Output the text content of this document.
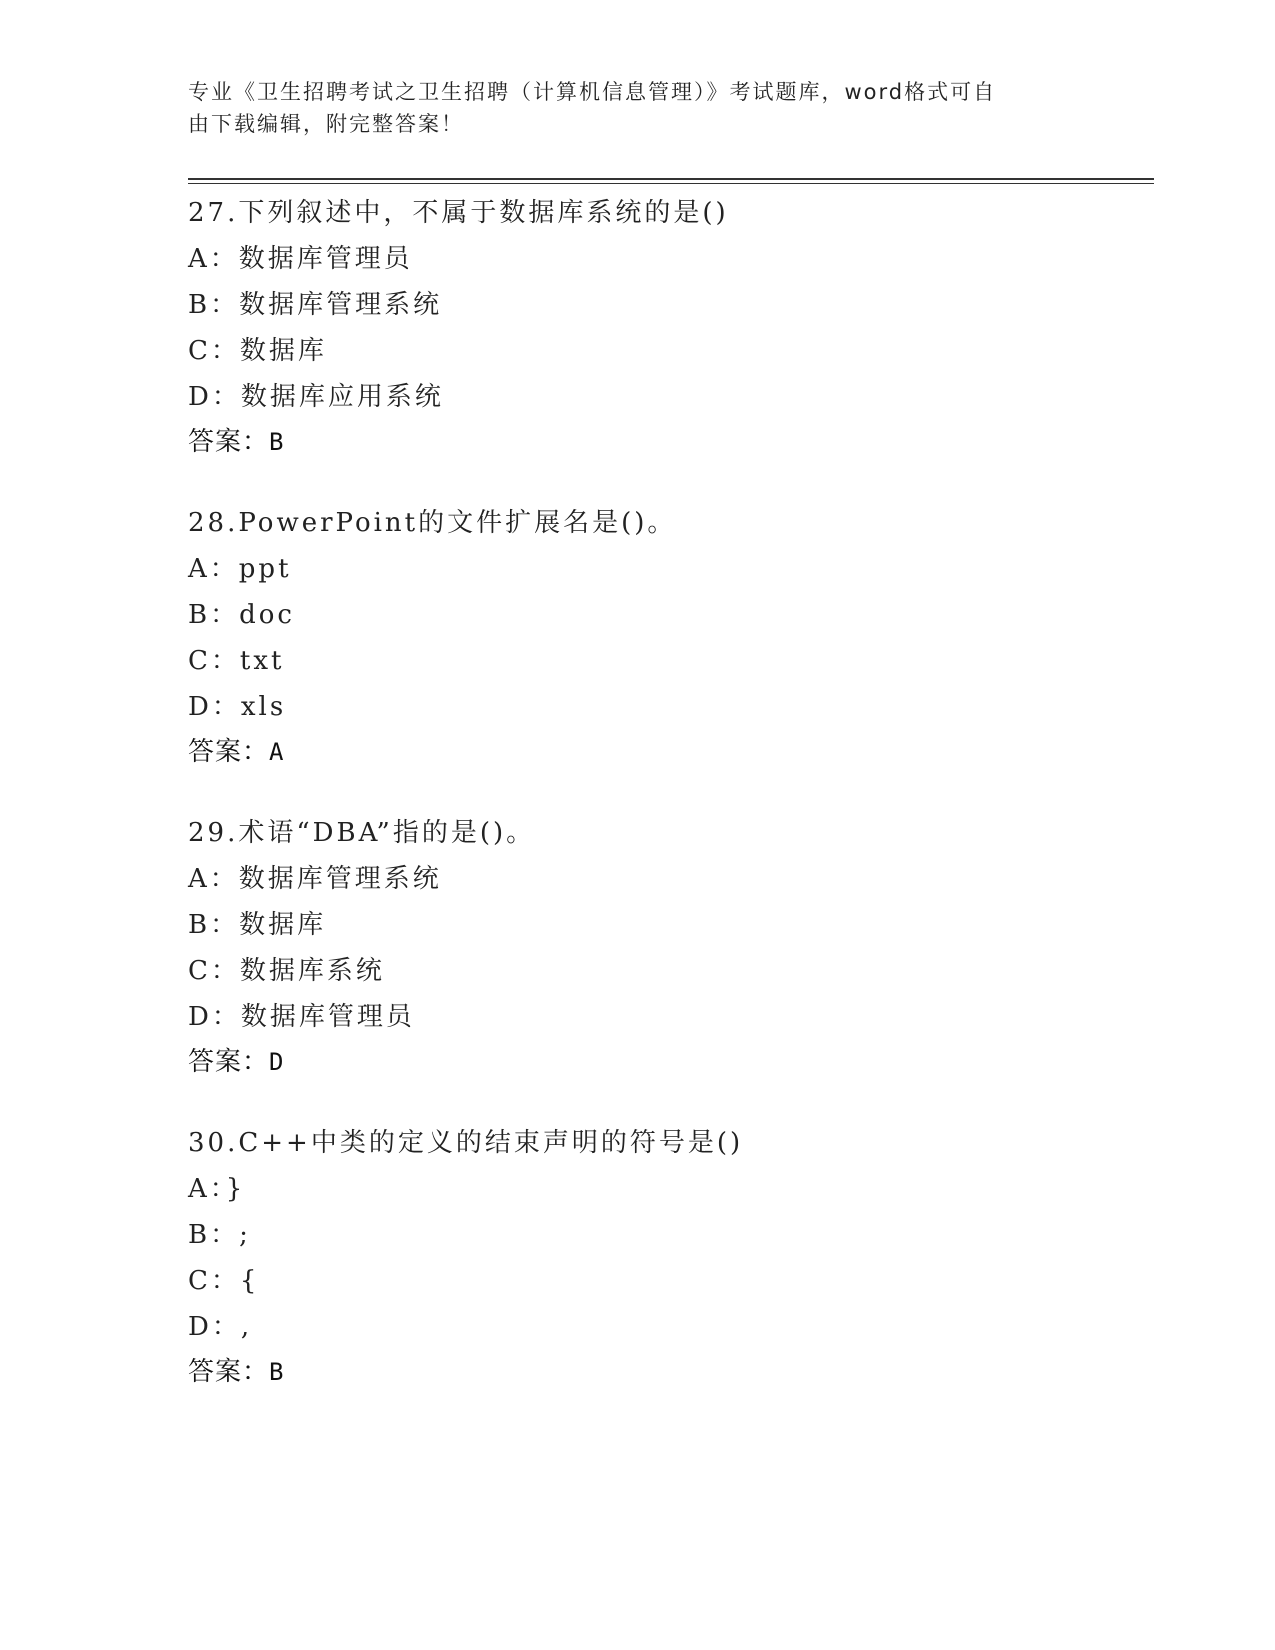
专业《卫生招聘考试之卫生招聘（计算机信息管理）》考试题库，word格式可自
由下载编辑，附完整答案！
27.下列叙述中，不属于数据库系统的是()
A：数据库管理员
B：数据库管理系统
C：数据库
D：数据库应用系统
答案：B
28.PowerPoint的文件扩展名是()。
A：ppt
B：doc
C：txt
D：xls
答案：A
29.术语“DBA”指的是()。
A：数据库管理系统
B：数据库
C：数据库系统
D：数据库管理员
答案：D
30.C++中类的定义的结束声明的符号是()
A：}
B：;
C：{
D：,
答案：B
